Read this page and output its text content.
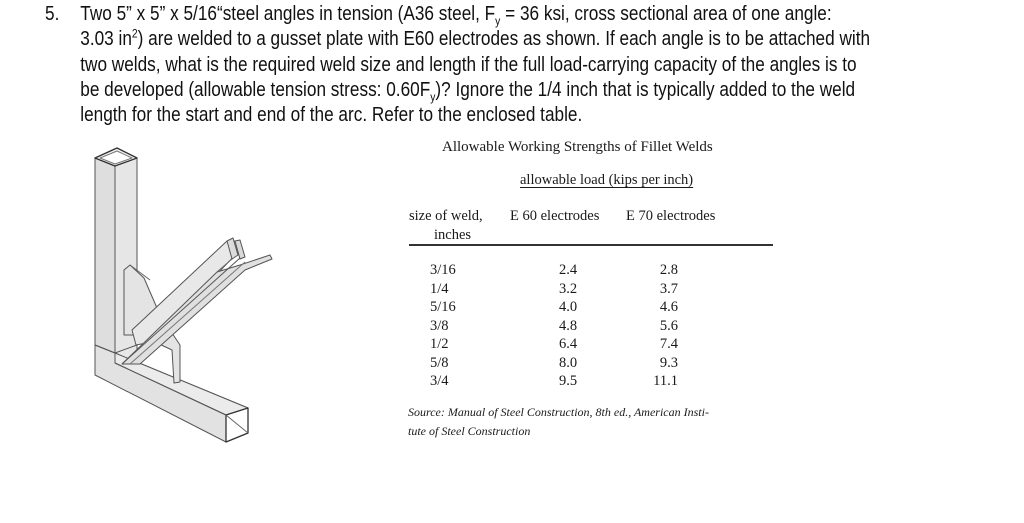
5. Two 5” x 5” x 5/16“steel angles in tension (A36 steel, $F_y = 36$ ksi, cross sectional area of one angle:
3.03 $in^2$) are welded to a gusset plate with E60 electrodes as shown. If each angle is to be attached with
two welds, what is the required weld size and length if the full load-carrying capacity of the angles is to
be developed (allowable tension stress: $0.60F_y$)? Ignore the 1/4 inch that is typically added to the weld
length for the start and end of the arc. Refer to the enclosed table.
Allowable Working Strengths of Fillet Welds
allowable load (kips per inch)
size of weld,
inches
E 60 electrodes E 70 electrodes
3/16	2.4	2.8
1/4	3.2	3.7
5/16	4.0	4.6
3/8	4.8	5.6
1/2	6.4	7.4
5/8	8.0	9.3
3/4	9.5	11.1
Source: Manual of Steel Construction, 8th ed., American Insti-
tute of Steel Construction
